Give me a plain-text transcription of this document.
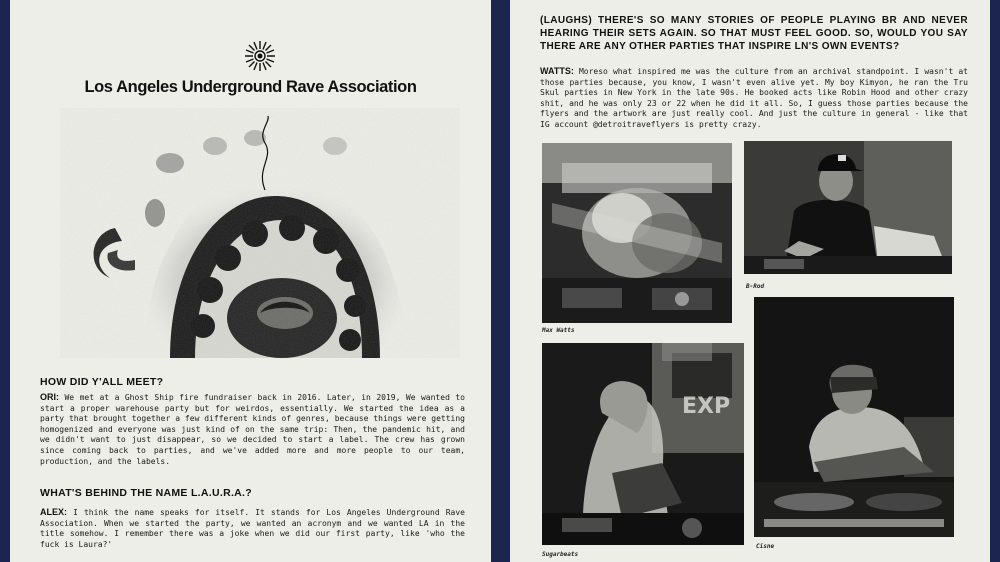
Los Angeles Underground Rave Association
HOW DID Y'ALL MEET?
ORI: We met at a Ghost Ship fire fundraiser back in 2016. Later, in 2019, We wanted to start a proper warehouse party but for weirdos, essentially. We started the idea as a party that brought together a few different kinds of genres, because things were getting homogenized and everyone was just kind of on the same trip: Then, the pandemic hit, and we didn't want to just disappear, so we decided to start a label. The crew has grown since coming back to parties, and we've added more and more people to our team, production, and the labels.
WHAT'S BEHIND THE NAME L.A.U.R.A.?
ALEX: I think the name speaks for itself. It stands for Los Angeles Underground Rave Association. When we started the party, we wanted an acronym and we wanted LA in the title somehow. I remember there was a joke when we did our first party, like 'who the fuck is Laura?'
(LAUGHS) THERE'S SO MANY STORIES OF PEOPLE PLAYING BR AND NEVER HEARING THEIR SETS AGAIN. SO THAT MUST FEEL GOOD. SO, WOULD YOU SAY THERE ARE ANY OTHER PARTIES THAT INSPIRE LN'S OWN EVENTS?
WATTS: Moreso what inspired me was the culture from an archival standpoint. I wasn't at those parties because, you know, I wasn't even alive yet. My boy Kimyon, he ran the Tru Skul parties in New York in the late 90s. He booked acts like Robin Hood and other crazy shit, and he was only 23 or 22 when he did it all. So, I guess those parties because the flyers and the artwork are just really cool. And just the culture in general - like that IG account @detroitraveflyers is pretty crazy.
Max Watts
B-Rod
EXP
Sugarbeats
Cisne
